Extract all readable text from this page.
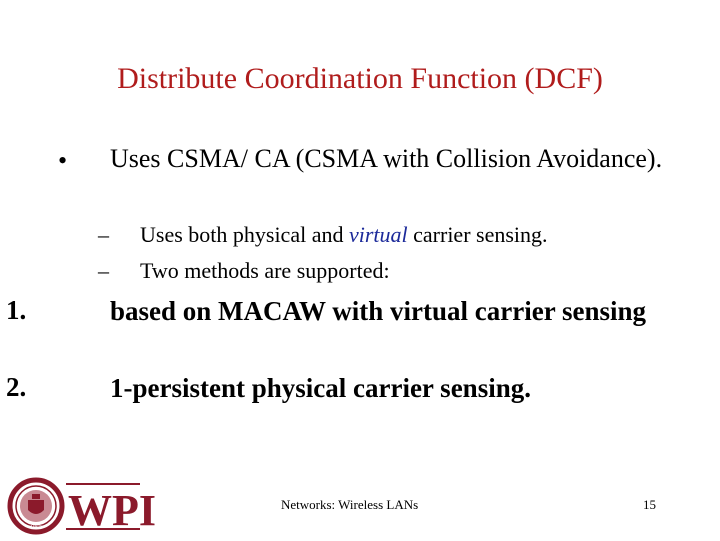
Distribute Coordination Function (DCF)
• Uses CSMA/ CA (CSMA with Collision Avoidance).
– Uses both physical and virtual carrier sensing.
– Two methods are supported:
1.	based on MACAW with virtual carrier sensing
2.	1-persistent physical carrier sensing.
1865 WPI	Networks: Wireless LANs	15
